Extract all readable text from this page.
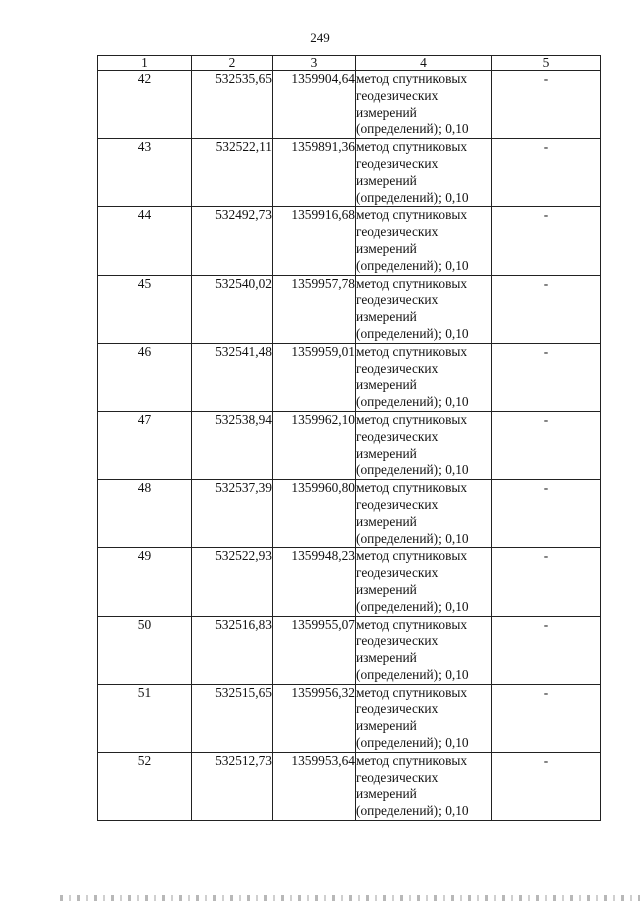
249
1	2	3	4	5
42	532535,65	1359904,64	метод спутниковых геодезических измерений (определений); 0,10	-
43	532522,11	1359891,36	метод спутниковых геодезических измерений (определений); 0,10	-
44	532492,73	1359916,68	метод спутниковых геодезических измерений (определений); 0,10	-
45	532540,02	1359957,78	метод спутниковых геодезических измерений (определений); 0,10	-
46	532541,48	1359959,01	метод спутниковых геодезических измерений (определений); 0,10	-
47	532538,94	1359962,10	метод спутниковых геодезических измерений (определений); 0,10	-
48	532537,39	1359960,80	метод спутниковых геодезических измерений (определений); 0,10	-
49	532522,93	1359948,23	метод спутниковых геодезических измерений (определений); 0,10	-
50	532516,83	1359955,07	метод спутниковых геодезических измерений (определений); 0,10	-
51	532515,65	1359956,32	метод спутниковых геодезических измерений (определений); 0,10	-
52	532512,73	1359953,64	метод спутниковых геодезических измерений (определений); 0,10	-
